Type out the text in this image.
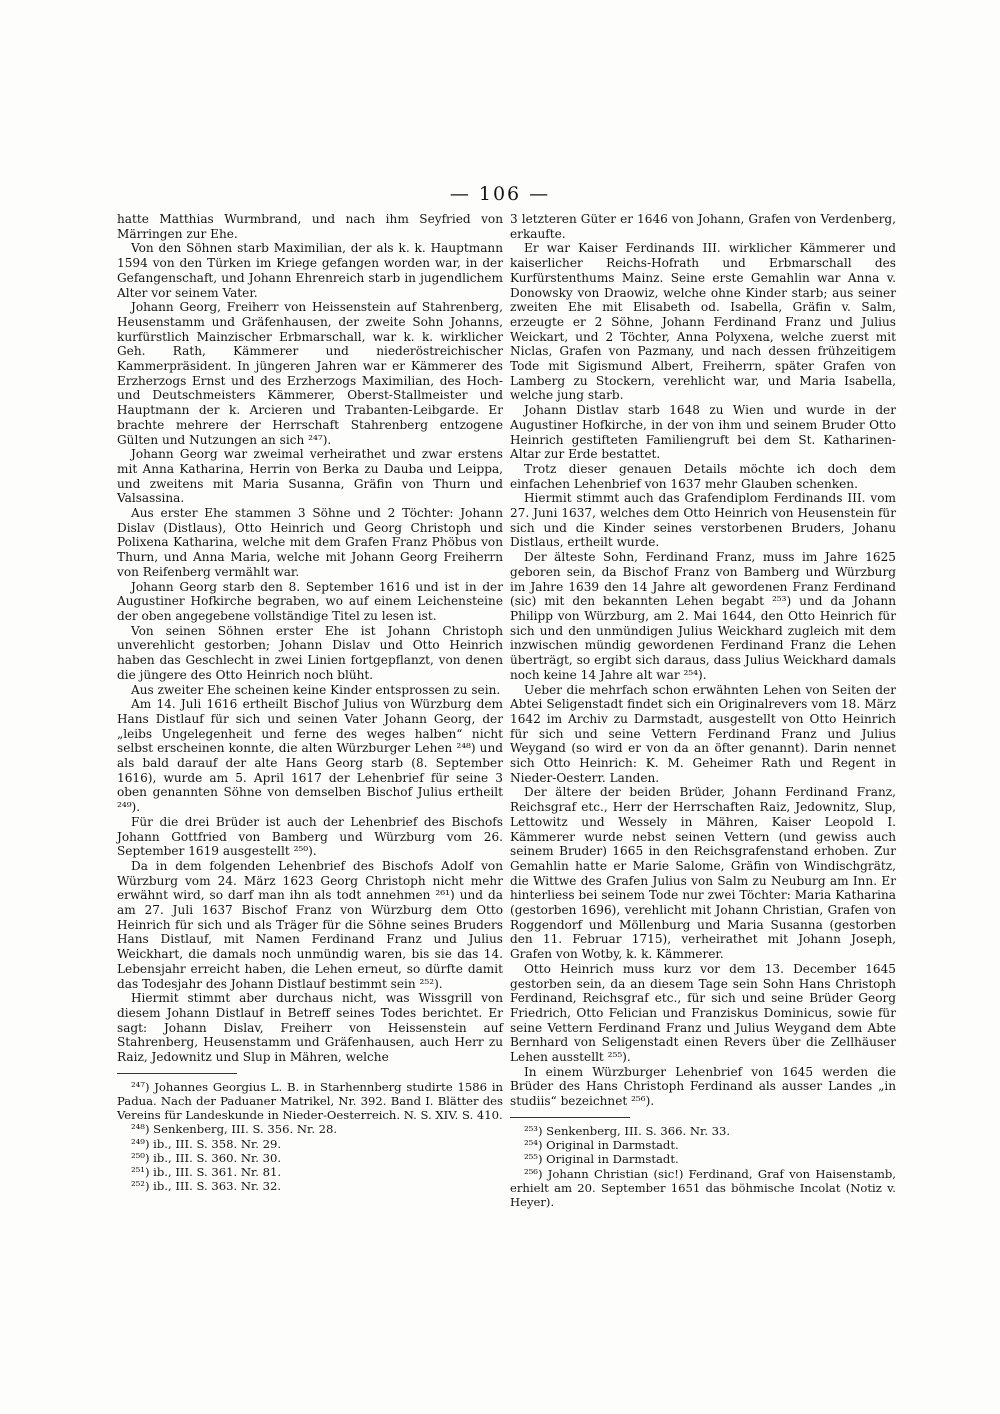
— 106 —

hatte Matthias Wurmbrand, und nach ihm Seyfried von Märringen zur Ehe.

Von den Söhnen starb Maximilian, der als k. k. Hauptmann 1594 von den Türken im Kriege gefangen worden war, in der Gefangenschaft, und Johann Ehrenreich starb in jugendlichem Alter vor seinem Vater.

Johann Georg, Freiherr von Heissenstein auf Stahrenberg, Heusenstamm und Gräfenhausen, der zweite Sohn Johanns, kurfürstlich Mainzischer Erbmarschall, war k. k. wirklicher Geh. Rath, Kämmerer und niederöstreichischer Kammerpräsident. In jüngeren Jahren war er Kämmerer des Erzherzogs Ernst und des Erzherzogs Maximilian, des Hoch- und Deutschmeisters Kämmerer, Oberst-Stallmeister und Hauptmann der k. Arcieren und Trabanten-Leibgarde. Er brachte mehrere der Herrschaft Stahrenberg entzogene Gülten und Nutzungen an sich ²⁴⁷).

Johann Georg war zweimal verheirathet und zwar erstens mit Anna Katharina, Herrin von Berka zu Dauba und Leippa, und zweitens mit Maria Susanna, Gräfin von Thurn und Valsassina.

Aus erster Ehe stammen 3 Söhne und 2 Töchter: Johann Dislav (Distlaus), Otto Heinrich und Georg Christoph und Polixena Katharina, welche mit dem Grafen Franz Phöbus von Thurn, und Anna Maria, welche mit Johann Georg Freiherrn von Reifenberg vermählt war.

Johann Georg starb den 8. September 1616 und ist in der Augustiner Hofkirche begraben, wo auf einem Leichensteine der oben angegebene vollständige Titel zu lesen ist.

Von seinen Söhnen erster Ehe ist Johann Christoph unverehlicht gestorben; Johann Dislav und Otto Heinrich haben das Geschlecht in zwei Linien fortgepflanzt, von denen die jüngere des Otto Heinrich noch blüht.

Aus zweiter Ehe scheinen keine Kinder entsprossen zu sein.

Am 14. Juli 1616 ertheilt Bischof Julius von Würzburg dem Hans Distlauf für sich und seinen Vater Johann Georg, der „leibs Ungelegenheit und ferne des weges halben“ nicht selbst erscheinen konnte, die alten Würzburger Lehen ²⁴⁸) und als bald darauf der alte Hans Georg starb (8. September 1616), wurde am 5. April 1617 der Lehenbrief für seine 3 oben genannten Söhne von demselben Bischof Julius ertheilt ²⁴⁹).

Für die drei Brüder ist auch der Lehenbrief des Bischofs Johann Gottfried von Bamberg und Würzburg vom 26. September 1619 ausgestellt ²⁵⁰).

Da in dem folgenden Lehenbrief des Bischofs Adolf von Würzburg vom 24. März 1623 Georg Christoph nicht mehr erwähnt wird, so darf man ihn als todt annehmen ²⁶¹) und da am 27. Juli 1637 Bischof Franz von Würzburg dem Otto Heinrich für sich und als Träger für die Söhne seines Bruders Hans Distlauf, mit Namen Ferdinand Franz und Julius Weickhart, die damals noch unmündig waren, bis sie das 14. Lebensjahr erreicht haben, die Lehen erneut, so dürfte damit das Todesjahr des Johann Distlauf bestimmt sein ²⁵²).

Hiermit stimmt aber durchaus nicht, was Wissgrill von diesem Johann Distlauf in Betreff seines Todes berichtet. Er sagt: Johann Dislav, Freiherr von Heissenstein auf Stahrenberg, Heusenstamm und Gräfenhausen, auch Herr zu Raiz, Jedownitz und Slup in Mähren, welche

²⁴⁷) Johannes Georgius L. B. in Starhennberg studirte 1586 in Padua. Nach der Paduaner Matrikel, Nr. 392. Band I. Blätter des Vereins für Landeskunde in Nieder-Oesterreich. N. S. XIV. S. 410.

²⁴⁸) Senkenberg, III. S. 356. Nr. 28.

²⁴⁹) ib., III. S. 358. Nr. 29.

²⁵⁰) ib., III. S. 360. Nr. 30.

²⁵¹) ib., III. S. 361. Nr. 81.

²⁵²) ib., III. S. 363. Nr. 32.

3 letzteren Güter er 1646 von Johann, Grafen von Verdenberg, erkaufte.

Er war Kaiser Ferdinands III. wirklicher Kämmerer und kaiserlicher Reichs-Hofrath und Erbmarschall des Kurfürstenthums Mainz. Seine erste Gemahlin war Anna v. Donowsky von Draowiz, welche ohne Kinder starb; aus seiner zweiten Ehe mit Elisabeth od. Isabella, Gräfin v. Salm, erzeugte er 2 Söhne, Johann Ferdinand Franz und Julius Weickart, und 2 Töchter, Anna Polyxena, welche zuerst mit Niclas, Grafen von Pazmany, und nach dessen frühzeitigem Tode mit Sigismund Albert, Freiherrn, später Grafen von Lamberg zu Stockern, verehlicht war, und Maria Isabella, welche jung starb.

Johann Distlav starb 1648 zu Wien und wurde in der Augustiner Hofkirche, in der von ihm und seinem Bruder Otto Heinrich gestifteten Familiengruft bei dem St. Katharinen-Altar zur Erde bestattet.

Trotz dieser genauen Details möchte ich doch dem einfachen Lehenbrief von 1637 mehr Glauben schenken.

Hiermit stimmt auch das Grafendiplom Ferdinands III. vom 27. Juni 1637, welches dem Otto Heinrich von Heusenstein für sich und die Kinder seines verstorbenen Bruders, Johanu Distlaus, ertheilt wurde.

Der älteste Sohn, Ferdinand Franz, muss im Jahre 1625 geboren sein, da Bischof Franz von Bamberg und Würzburg im Jahre 1639 den 14 Jahre alt gewordenen Franz Ferdinand (sic) mit den bekannten Lehen begabt ²⁵³) und da Johann Philipp von Würzburg, am 2. Mai 1644, den Otto Heinrich für sich und den unmündigen Julius Weickhard zugleich mit dem inzwischen mündig gewordenen Ferdinand Franz die Lehen überträgt, so ergibt sich daraus, dass Julius Weickhard damals noch keine 14 Jahre alt war ²⁵⁴).

Ueber die mehrfach schon erwähnten Lehen von Seiten der Abtei Seligenstadt findet sich ein Originalrevers vom 18. März 1642 im Archiv zu Darmstadt, ausgestellt von Otto Heinrich für sich und seine Vettern Ferdinand Franz und Julius Weygand (so wird er von da an öfter genannt). Darin nennet sich Otto Heinrich: K. M. Geheimer Rath und Regent in Nieder-Oesterr. Landen.

Der ältere der beiden Brüder, Johann Ferdinand Franz, Reichsgraf etc., Herr der Herrschaften Raiz, Jedownitz, Slup, Lettowitz und Wessely in Mähren, Kaiser Leopold I. Kämmerer wurde nebst seinen Vettern (und gewiss auch seinem Bruder) 1665 in den Reichsgrafenstand erhoben. Zur Gemahlin hatte er Marie Salome, Gräfin von Windischgrätz, die Wittwe des Grafen Julius von Salm zu Neuburg am Inn. Er hinterliess bei seinem Tode nur zwei Töchter: Maria Katharina (gestorben 1696), verehlicht mit Johann Christian, Grafen von Roggendorf und Möllenburg und Maria Susanna (gestorben den 11. Februar 1715), verheirathet mit Johann Joseph, Grafen von Wotby, k. k. Kämmerer.

Otto Heinrich muss kurz vor dem 13. December 1645 gestorben sein, da an diesem Tage sein Sohn Hans Christoph Ferdinand, Reichsgraf etc., für sich und seine Brüder Georg Friedrich, Otto Felician und Franziskus Dominicus, sowie für seine Vettern Ferdinand Franz und Julius Weygand dem Abte Bernhard von Seligenstadt einen Revers über die Zellhäuser Lehen ausstellt ²⁵⁵).

In einem Würzburger Lehenbrief von 1645 werden die Brüder des Hans Christoph Ferdinand als ausser Landes „in studiis“ bezeichnet ²⁵⁶).

²⁵³) Senkenberg, III. S. 366. Nr. 33.

²⁵⁴) Original in Darmstadt.

²⁵⁵) Original in Darmstadt.

²⁵⁶) Johann Christian (sic!) Ferdinand, Graf von Haisenstamb, erhielt am 20. September 1651 das böhmische Incolat (Notiz v. Heyer).
